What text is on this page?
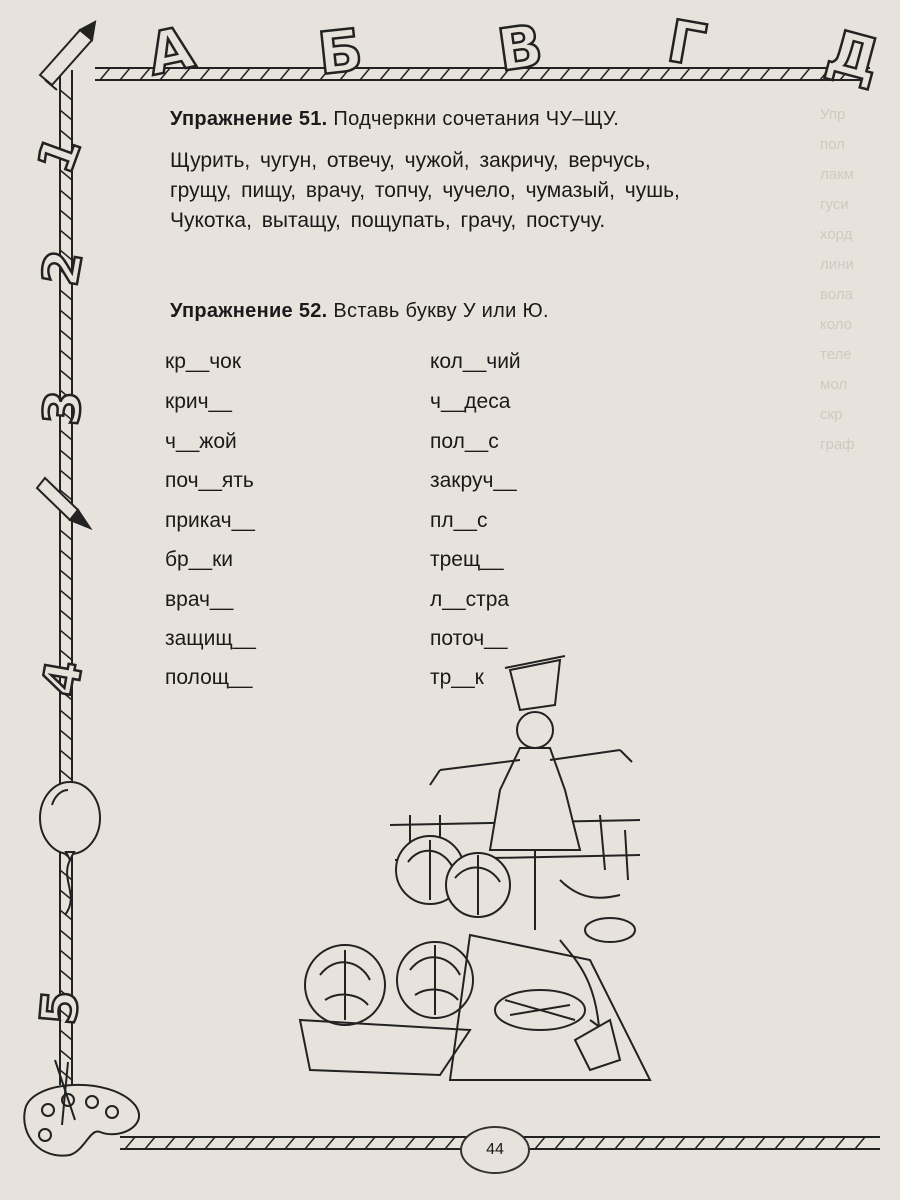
А Б В Г Д
1
2
3
4
5
Упр
пол
лакм
гуси
хорд
лини
вола
коло
теле
мол
скр
граф
Упражнение 51. Подчеркни сочетания ЧУ–ЩУ.
Щурить, чугун, отвечу, чужой, закричу, верчусь,
грущу, пищу, врачу, топчу, чучело, чумазый, чушь,
Чукотка, вытащу, пощупать, грачу, постучу.
Упражнение 52. Вставь букву У или Ю.
кр__чок
крич__
ч__жой
поч__ять
прикач__
бр__ки
врач__
защищ__
полощ__
кол__чий
ч__деса
пол__с
закруч__
пл__с
трещ__
л__стра
поточ__
тр__к
44
